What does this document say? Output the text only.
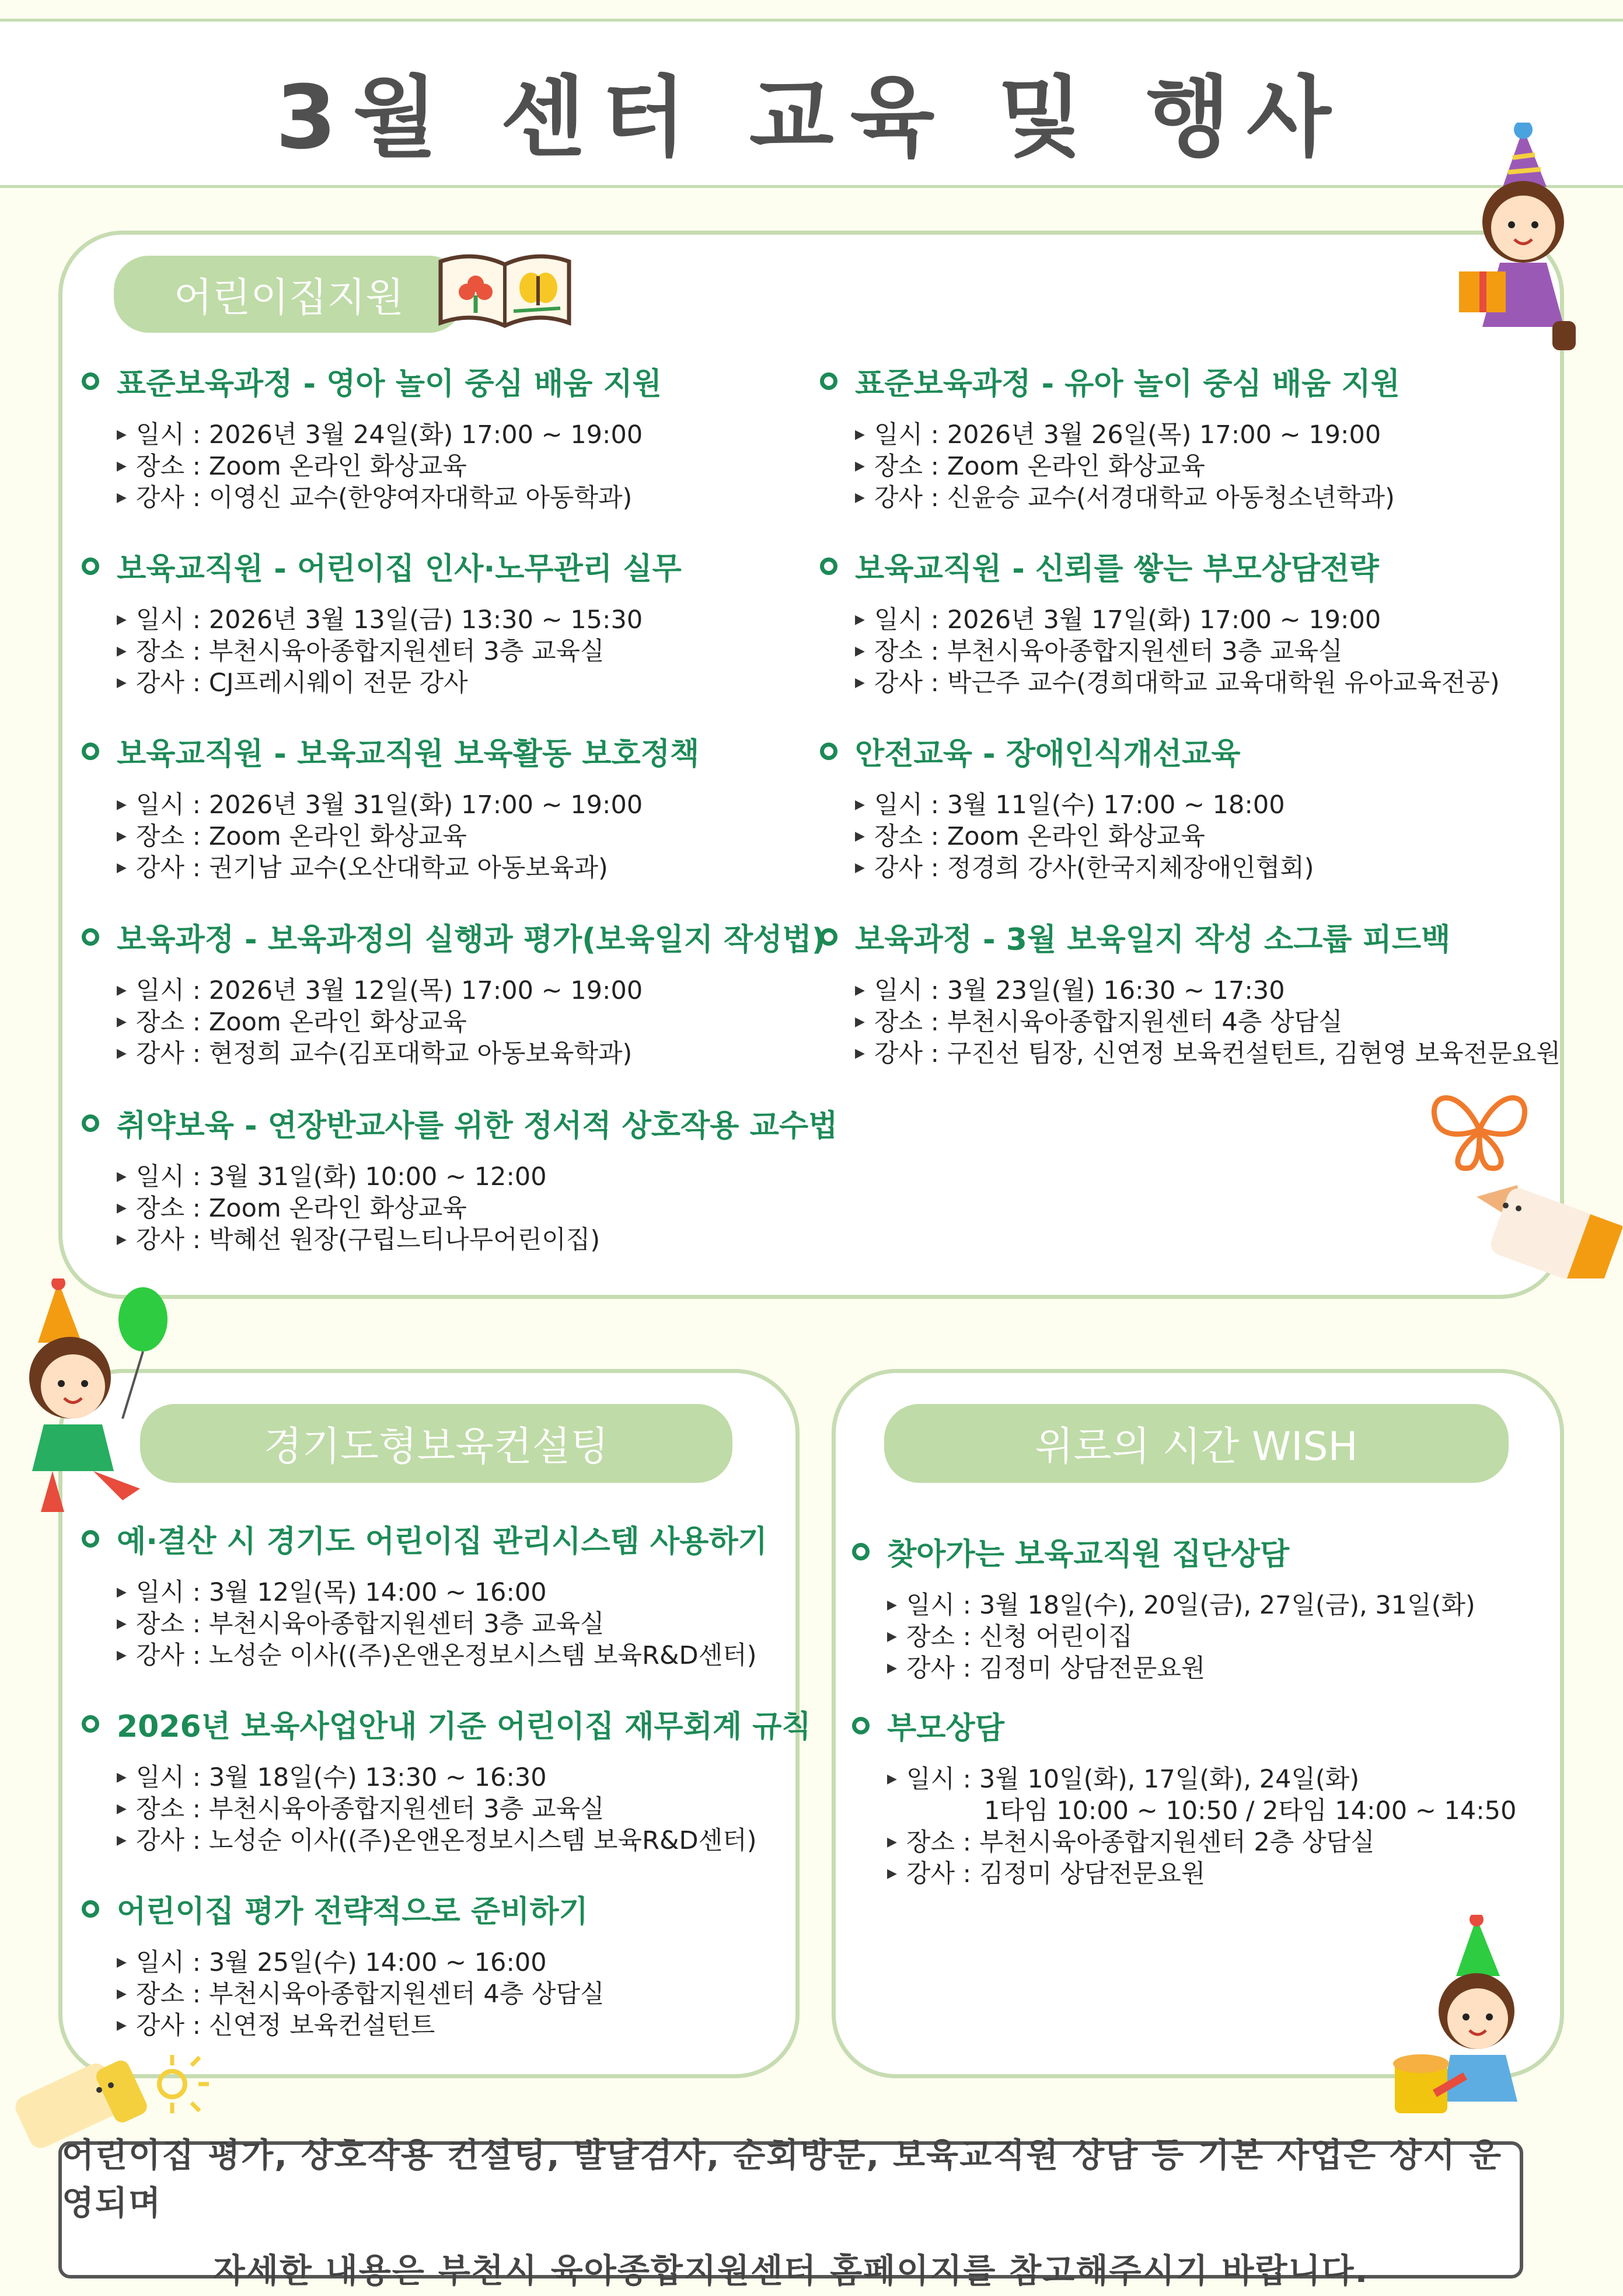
3월 센터 교육 및 행사
어린이집지원
표준보육과정 - 영아 놀이 중심 배움 지원
▶ 일시 : 2026년 3월 24일(화) 17:00 ~ 19:00
▶ 장소 : Zoom 온라인 화상교육
▶ 강사 : 이영신 교수(한양여자대학교 아동학과)
보육교직원 - 어린이집 인사·노무관리 실무
▶ 일시 : 2026년 3월 13일(금) 13:30 ~ 15:30
▶ 장소 : 부천시육아종합지원센터 3층 교육실
▶ 강사 : CJ프레시웨이 전문 강사
보육교직원 - 보육교직원 보육활동 보호정책
▶ 일시 : 2026년 3월 31일(화) 17:00 ~ 19:00
▶ 장소 : Zoom 온라인 화상교육
▶ 강사 : 권기남 교수(오산대학교 아동보육과)
보육과정 - 보육과정의 실행과 평가(보육일지 작성법)
▶ 일시 : 2026년 3월 12일(목) 17:00 ~ 19:00
▶ 장소 : Zoom 온라인 화상교육
▶ 강사 : 현정희 교수(김포대학교 아동보육학과)
취약보육 - 연장반교사를 위한 정서적 상호작용 교수법
▶ 일시 : 3월 31일(화) 10:00 ~ 12:00
▶ 장소 : Zoom 온라인 화상교육
▶ 강사 : 박혜선 원장(구립느티나무어린이집)
표준보육과정 - 유아 놀이 중심 배움 지원
▶ 일시 : 2026년 3월 26일(목) 17:00 ~ 19:00
▶ 장소 : Zoom 온라인 화상교육
▶ 강사 : 신윤승 교수(서경대학교 아동청소년학과)
보육교직원 - 신뢰를 쌓는 부모상담전략
▶ 일시 : 2026년 3월 17일(화) 17:00 ~ 19:00
▶ 장소 : 부천시육아종합지원센터 3층 교육실
▶ 강사 : 박근주 교수(경희대학교 교육대학원 유아교육전공)
안전교육 - 장애인식개선교육
▶ 일시 : 3월 11일(수) 17:00 ~ 18:00
▶ 장소 : Zoom 온라인 화상교육
▶ 강사 : 정경희 강사(한국지체장애인협회)
보육과정 - 3월 보육일지 작성 소그룹 피드백
▶ 일시 : 3월 23일(월) 16:30 ~ 17:30
▶ 장소 : 부천시육아종합지원센터 4층 상담실
▶ 강사 : 구진선 팀장, 신연정 보육컨설턴트, 김현영 보육전문요원
경기도형보육컨설팅
예·결산 시 경기도 어린이집 관리시스템 사용하기
▶ 일시 : 3월 12일(목) 14:00 ~ 16:00
▶ 장소 : 부천시육아종합지원센터 3층 교육실
▶ 강사 : 노성순 이사((주)온앤온정보시스템 보육R&D센터)
2026년 보육사업안내 기준 어린이집 재무회계 규칙
▶ 일시 : 3월 18일(수) 13:30 ~ 16:30
▶ 장소 : 부천시육아종합지원센터 3층 교육실
▶ 강사 : 노성순 이사((주)온앤온정보시스템 보육R&D센터)
어린이집 평가 전략적으로 준비하기
▶ 일시 : 3월 25일(수) 14:00 ~ 16:00
▶ 장소 : 부천시육아종합지원센터 4층 상담실
▶ 강사 : 신연정 보육컨설턴트
위로의 시간 WISH
찾아가는 보육교직원 집단상담
▶ 일시 : 3월 18일(수), 20일(금), 27일(금), 31일(화)
▶ 장소 : 신청 어린이집
▶ 강사 : 김정미 상담전문요원
부모상담
▶ 일시 : 3월 10일(화), 17일(화), 24일(화)
1타임 10:00 ~ 10:50 / 2타임 14:00 ~ 14:50
▶ 장소 : 부천시육아종합지원센터 2층 상담실
▶ 강사 : 김정미 상담전문요원
어린이집 평가, 상호작용 컨설팅, 발달검사, 순회방문, 보육교직원 상담 등 기본 사업은 상시 운영되며
자세한 내용은 부천시 육아종합지원센터 홈페이지를 참고해주시기 바랍니다.
